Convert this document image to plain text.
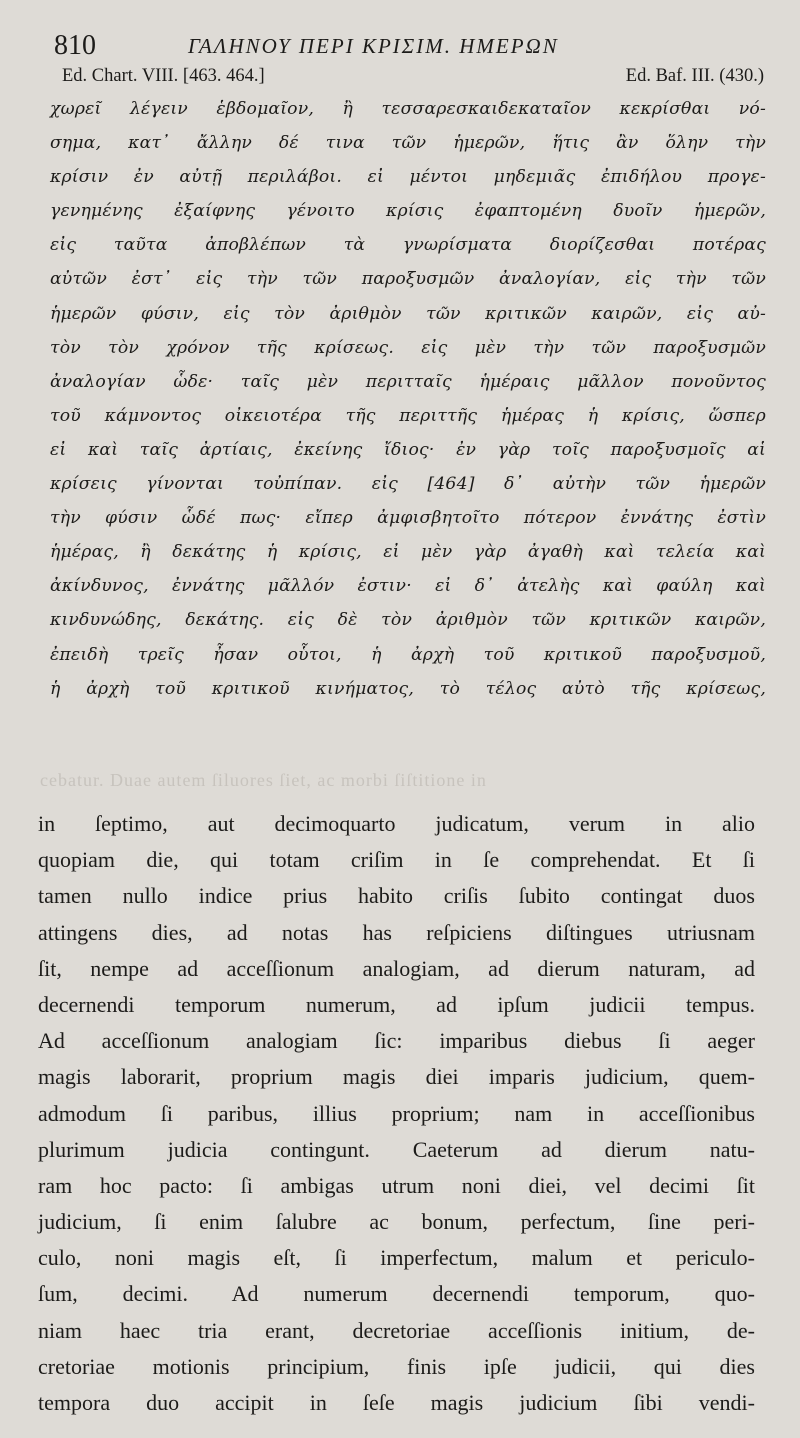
810	ΓΑΛΗΝΟΥ ΠΕΡΙ ΚΡΙΣΙΜ. ΗΜΕΡΩΝ
Ed. Chart. VIII. [463. 464.]	Ed. Baf. III. (430.)
χωρεῖ λέγειν ἑβδομαῖον, ἢ τεσσαρεσκαιδεκαταῖον κεκρίσθαι νό-
σημα, κατ᾽ ἄλλην δέ τινα τῶν ἡμερῶν, ἥτις ἂν ὅλην τὴν
κρίσιν ἐν αὐτῇ περιλάβοι. εἰ μέντοι μηδεμιᾶς ἐπιδήλου προγε-
γενημένης ἐξαίφνης γένοιτο κρίσις ἐφαπτομένη δυοῖν ἡμερῶν,
εἰς ταῦτα ἀποβλέπων τὰ γνωρίσματα διορίζεσθαι ποτέρας
αὐτῶν ἐστ᾽ εἰς τὴν τῶν παροξυσμῶν ἀναλογίαν, εἰς τὴν τῶν
ἡμερῶν φύσιν, εἰς τὸν ἀριθμὸν τῶν κριτικῶν καιρῶν, εἰς αὐ-
τὸν τὸν χρόνον τῆς κρίσεως. εἰς μὲν τὴν τῶν παροξυσμῶν
ἀναλογίαν ὧδε· ταῖς μὲν περιτταῖς ἡμέραις μᾶλλον πονοῦντος
τοῦ κάμνοντος οἰκειοτέρα τῆς περιττῆς ἡμέρας ἡ κρίσις, ὥσπερ
εἰ καὶ ταῖς ἀρτίαις, ἐκείνης ἴδιος· ἐν γὰρ τοῖς παροξυσμοῖς αἱ
κρίσεις γίνονται τοὐπίπαν. εἰς [464] δ᾽ αὐτὴν τῶν ἡμερῶν
τὴν φύσιν ὧδέ πως· εἴπερ ἀμφισβητοῖτο πότερον ἐννάτης ἐστὶν
ἡμέρας, ἢ δεκάτης ἡ κρίσις, εἰ μὲν γὰρ ἀγαθὴ καὶ τελεία καὶ
ἀκίνδυνος, ἐννάτης μᾶλλόν ἐστιν· εἰ δ᾽ ἀτελὴς καὶ φαύλη καὶ
κινδυνώδης, δεκάτης. εἰς δὲ τὸν ἀριθμὸν τῶν κριτικῶν καιρῶν,
ἐπειδὴ τρεῖς ἦσαν οὗτοι, ἡ ἀρχὴ τοῦ κριτικοῦ παροξυσμοῦ,
ἡ ἀρχὴ τοῦ κριτικοῦ κινήματος, τὸ τέλος αὐτὸ τῆς κρίσεως,
cebatur. Duae autem ſiluores ſiet, ac morbi ſiſtitione in
in ſeptimo, aut decimoquarto judicatum, verum in alio
quopiam die, qui totam criſim in ſe comprehendat. Et ſi
tamen nullo indice prius habito criſis ſubito contingat duos
attingens dies, ad notas has reſpiciens diſtingues utriusnam
ſit, nempe ad acceſſionum analogiam, ad dierum naturam, ad
decernendi temporum numerum, ad ipſum judicii tempus.
Ad acceſſionum analogiam ſic: imparibus diebus ſi aeger
magis laborarit, proprium magis diei imparis judicium, quem-
admodum ſi paribus, illius proprium; nam in acceſſionibus
plurimum judicia contingunt. Caeterum ad dierum natu-
ram hoc pacto: ſi ambigas utrum noni diei, vel decimi ſit
judicium, ſi enim ſalubre ac bonum, perfectum, ſine peri-
culo, noni magis eſt, ſi imperfectum, malum et periculo-
ſum, decimi. Ad numerum decernendi temporum, quo-
niam haec tria erant, decretoriae acceſſionis initium, de-
cretoriae motionis principium, finis ipſe judicii, qui dies
tempora duo accipit in ſeſe magis judicium ſibi vendi-
